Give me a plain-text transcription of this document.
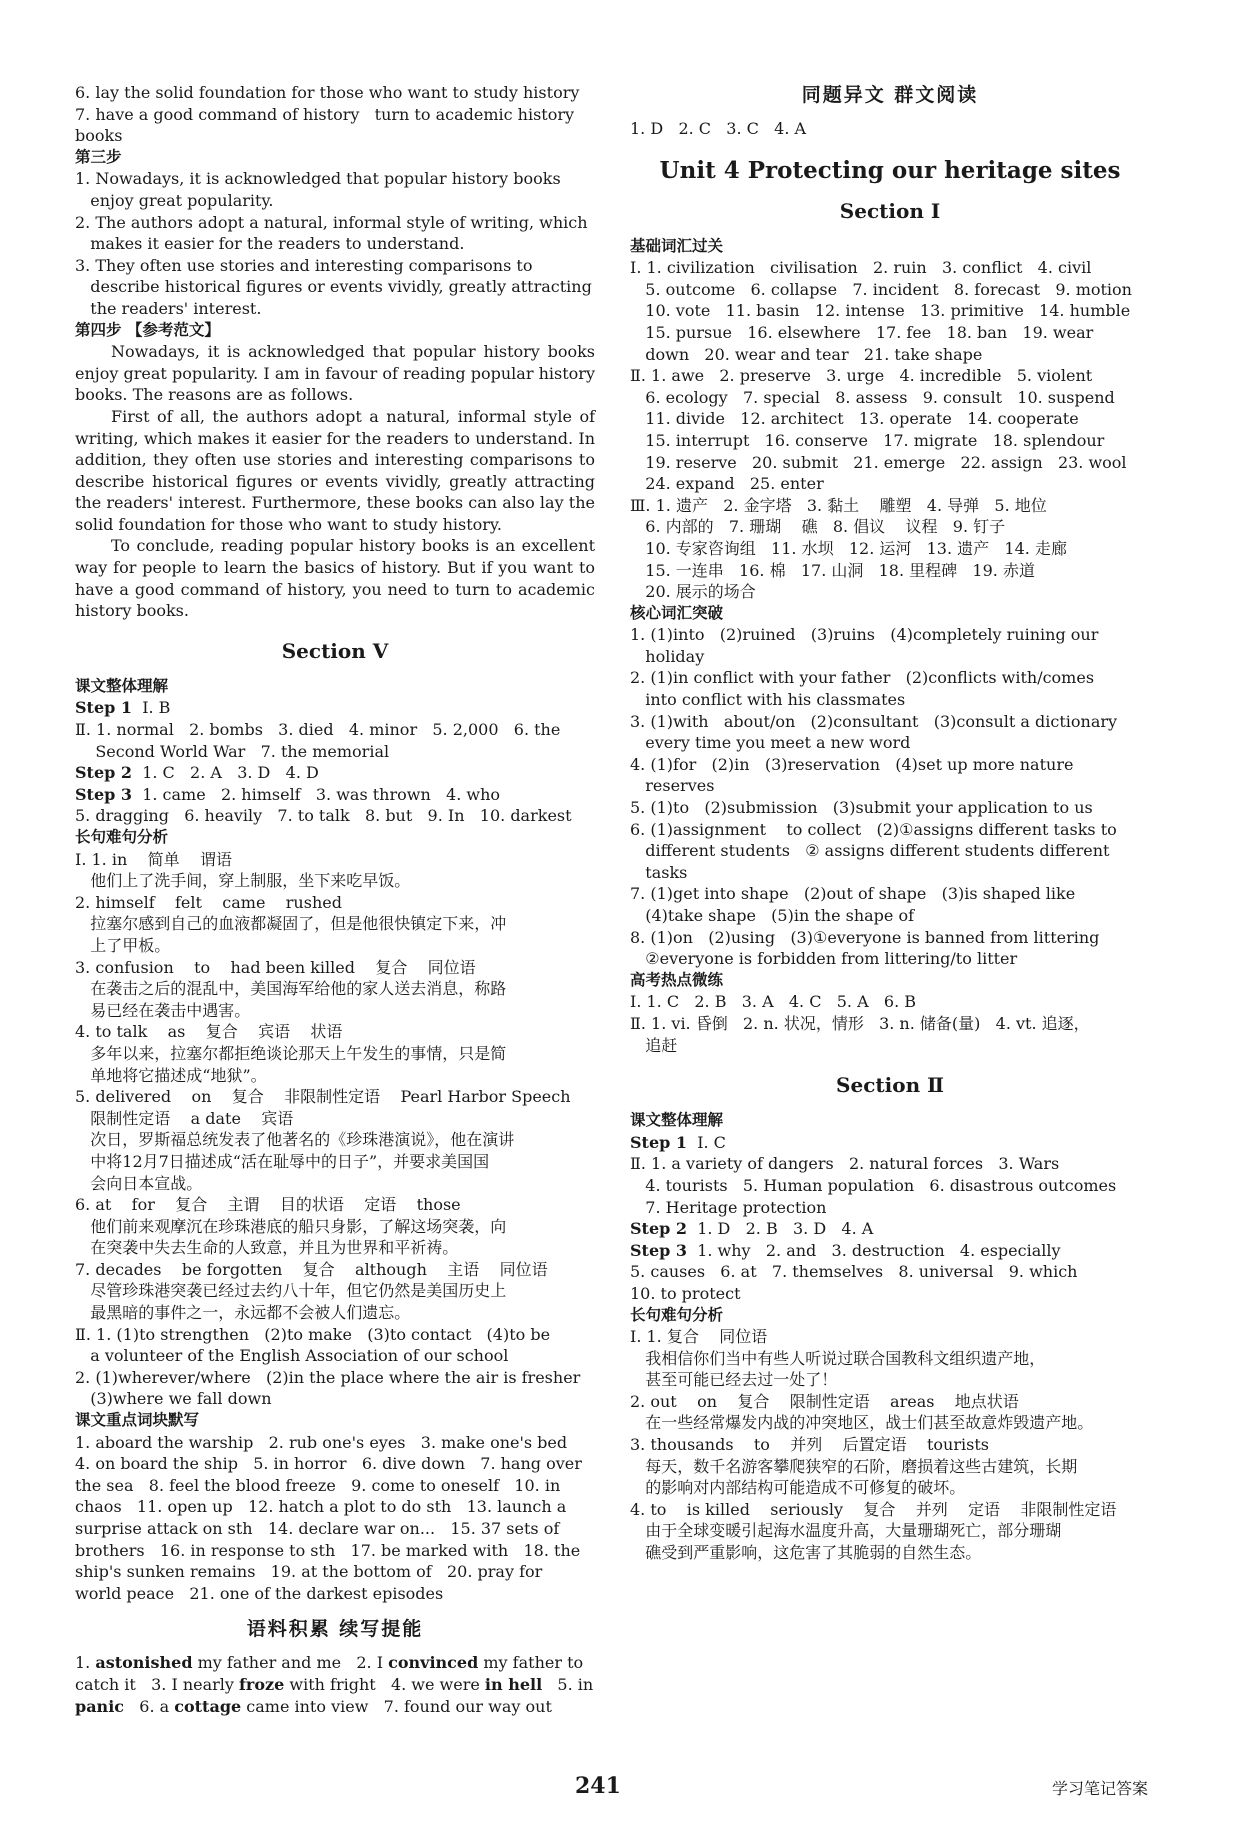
6. lay the solid foundation for those who want to study history
7. have a good command of history   turn to academic history
books
第三步
1. Nowadays, it is acknowledged that popular history books
enjoy great popularity.
2. The authors adopt a natural, informal style of writing, which
makes it easier for the readers to understand.
3. They often use stories and interesting comparisons to
describe historical figures or events vividly, greatly attracting
the readers' interest.
第四步 【参考范文】
Nowadays, it is acknowledged that popular history books enjoy great popularity. I am in favour of reading popular history books. The reasons are as follows.
First of all, the authors adopt a natural, informal style of writing, which makes it easier for the readers to understand. In addition, they often use stories and interesting comparisons to describe historical figures or events vividly, greatly attracting the readers' interest. Furthermore, these books can also lay the solid foundation for those who want to study history.
To conclude, reading popular history books is an excellent way for people to learn the basics of history. But if you want to have a good command of history, you need to turn to academic history books.
Section Ⅴ
课文整体理解
Step 1  Ⅰ. B
Ⅱ. 1. normal   2. bombs   3. died   4. minor   5. 2,000   6. the
Second World War   7. the memorial
Step 2  1. C   2. A   3. D   4. D
Step 3  1. came   2. himself   3. was thrown   4. who
5. dragging   6. heavily   7. to talk   8. but   9. In   10. darkest
长句难句分析
Ⅰ. 1. in    简单    谓语
他们上了洗手间，穿上制服，坐下来吃早饭。
2. himself    felt    came    rushed
拉塞尔感到自己的血液都凝固了，但是他很快镇定下来，冲
上了甲板。
3. confusion    to    had been killed    复合    同位语
在袭击之后的混乱中，美国海军给他的家人送去消息，称路
易已经在袭击中遇害。
4. to talk    as    复合    宾语    状语
多年以来，拉塞尔都拒绝谈论那天上午发生的事情，只是简
单地将它描述成“地狱”。
5. delivered    on    复合    非限制性定语    Pearl Harbor Speech
限制性定语    a date    宾语
次日，罗斯福总统发表了他著名的《珍珠港演说》，他在演讲
中将12月7日描述成“活在耻辱中的日子”，并要求美国国
会向日本宣战。
6. at    for    复合    主谓    目的状语    定语    those
他们前来观摩沉在珍珠港底的船只身影，了解这场突袭，向
在突袭中失去生命的人致意，并且为世界和平祈祷。
7. decades    be forgotten    复合    although    主语    同位语
尽管珍珠港突袭已经过去约八十年，但它仍然是美国历史上
最黑暗的事件之一，永远都不会被人们遗忘。
Ⅱ. 1. (1)to strengthen   (2)to make   (3)to contact   (4)to be
a volunteer of the English Association of our school
2. (1)wherever/where   (2)in the place where the air is fresher
(3)where we fall down
课文重点词块默写
1. aboard the warship   2. rub one's eyes   3. make one's bed
4. on board the ship   5. in horror   6. dive down   7. hang over
the sea   8. feel the blood freeze   9. come to oneself   10. in
chaos   11. open up   12. hatch a plot to do sth   13. launch a
surprise attack on sth   14. declare war on...   15. 37 sets of
brothers   16. in response to sth   17. be marked with   18. the
ship's sunken remains   19. at the bottom of   20. pray for
world peace   21. one of the darkest episodes
语料积累 续写提能
1. astonished my father and me   2. I convinced my father to
catch it   3. I nearly froze with fright   4. we were in hell   5. in
panic   6. a cottage came into view   7. found our way out
同题异文 群文阅读
1. D   2. C   3. C   4. A
Unit 4 Protecting our heritage sites
Section Ⅰ
基础词汇过关
Ⅰ. 1. civilization   civilisation   2. ruin   3. conflict   4. civil
5. outcome   6. collapse   7. incident   8. forecast   9. motion
10. vote   11. basin   12. intense   13. primitive   14. humble
15. pursue   16. elsewhere   17. fee   18. ban   19. wear
down   20. wear and tear   21. take shape
Ⅱ. 1. awe   2. preserve   3. urge   4. incredible   5. violent
6. ecology   7. special   8. assess   9. consult   10. suspend
11. divide   12. architect   13. operate   14. cooperate
15. interrupt   16. conserve   17. migrate   18. splendour
19. reserve   20. submit   21. emerge   22. assign   23. wool
24. expand   25. enter
Ⅲ. 1. 遗产   2. 金字塔   3. 黏土    雕塑   4. 导弹   5. 地位
6. 内部的   7. 珊瑚    礁   8. 倡议    议程   9. 钉子
10. 专家咨询组   11. 水坝   12. 运河   13. 遗产   14. 走廊
15. 一连串   16. 棉   17. 山洞   18. 里程碑   19. 赤道
20. 展示的场合
核心词汇突破
1. (1)into   (2)ruined   (3)ruins   (4)completely ruining our
holiday
2. (1)in conflict with your father   (2)conflicts with/comes
into conflict with his classmates
3. (1)with   about/on   (2)consultant   (3)consult a dictionary
every time you meet a new word
4. (1)for   (2)in   (3)reservation   (4)set up more nature
reserves
5. (1)to   (2)submission   (3)submit your application to us
6. (1)assignment    to collect   (2)①assigns different tasks to
different students   ② assigns different students different
tasks
7. (1)get into shape   (2)out of shape   (3)is shaped like
(4)take shape   (5)in the shape of
8. (1)on   (2)using   (3)①everyone is banned from littering
②everyone is forbidden from littering/to litter
高考热点微练
Ⅰ. 1. C   2. B   3. A   4. C   5. A   6. B
Ⅱ. 1. vi. 昏倒   2. n. 状况，情形   3. n. 储备(量)   4. vt. 追逐，
追赶
Section Ⅱ
课文整体理解
Step 1  Ⅰ. C
Ⅱ. 1. a variety of dangers   2. natural forces   3. Wars
4. tourists   5. Human population   6. disastrous outcomes
7. Heritage protection
Step 2  1. D   2. B   3. D   4. A
Step 3  1. why   2. and   3. destruction   4. especially
5. causes   6. at   7. themselves   8. universal   9. which
10. to protect
长句难句分析
Ⅰ. 1. 复合    同位语
我相信你们当中有些人听说过联合国教科文组织遗产地，
甚至可能已经去过一处了！
2. out    on    复合    限制性定语    areas    地点状语
在一些经常爆发内战的冲突地区，战士们甚至故意炸毁遗产地。
3. thousands    to    并列    后置定语    tourists
每天，数千名游客攀爬狭窄的石阶，磨损着这些古建筑，长期
的影响对内部结构可能造成不可修复的破坏。
4. to    is killed    seriously    复合    并列    定语    非限制性定语
由于全球变暖引起海水温度升高，大量珊瑚死亡，部分珊瑚
礁受到严重影响，这危害了其脆弱的自然生态。
241	学习笔记答案
